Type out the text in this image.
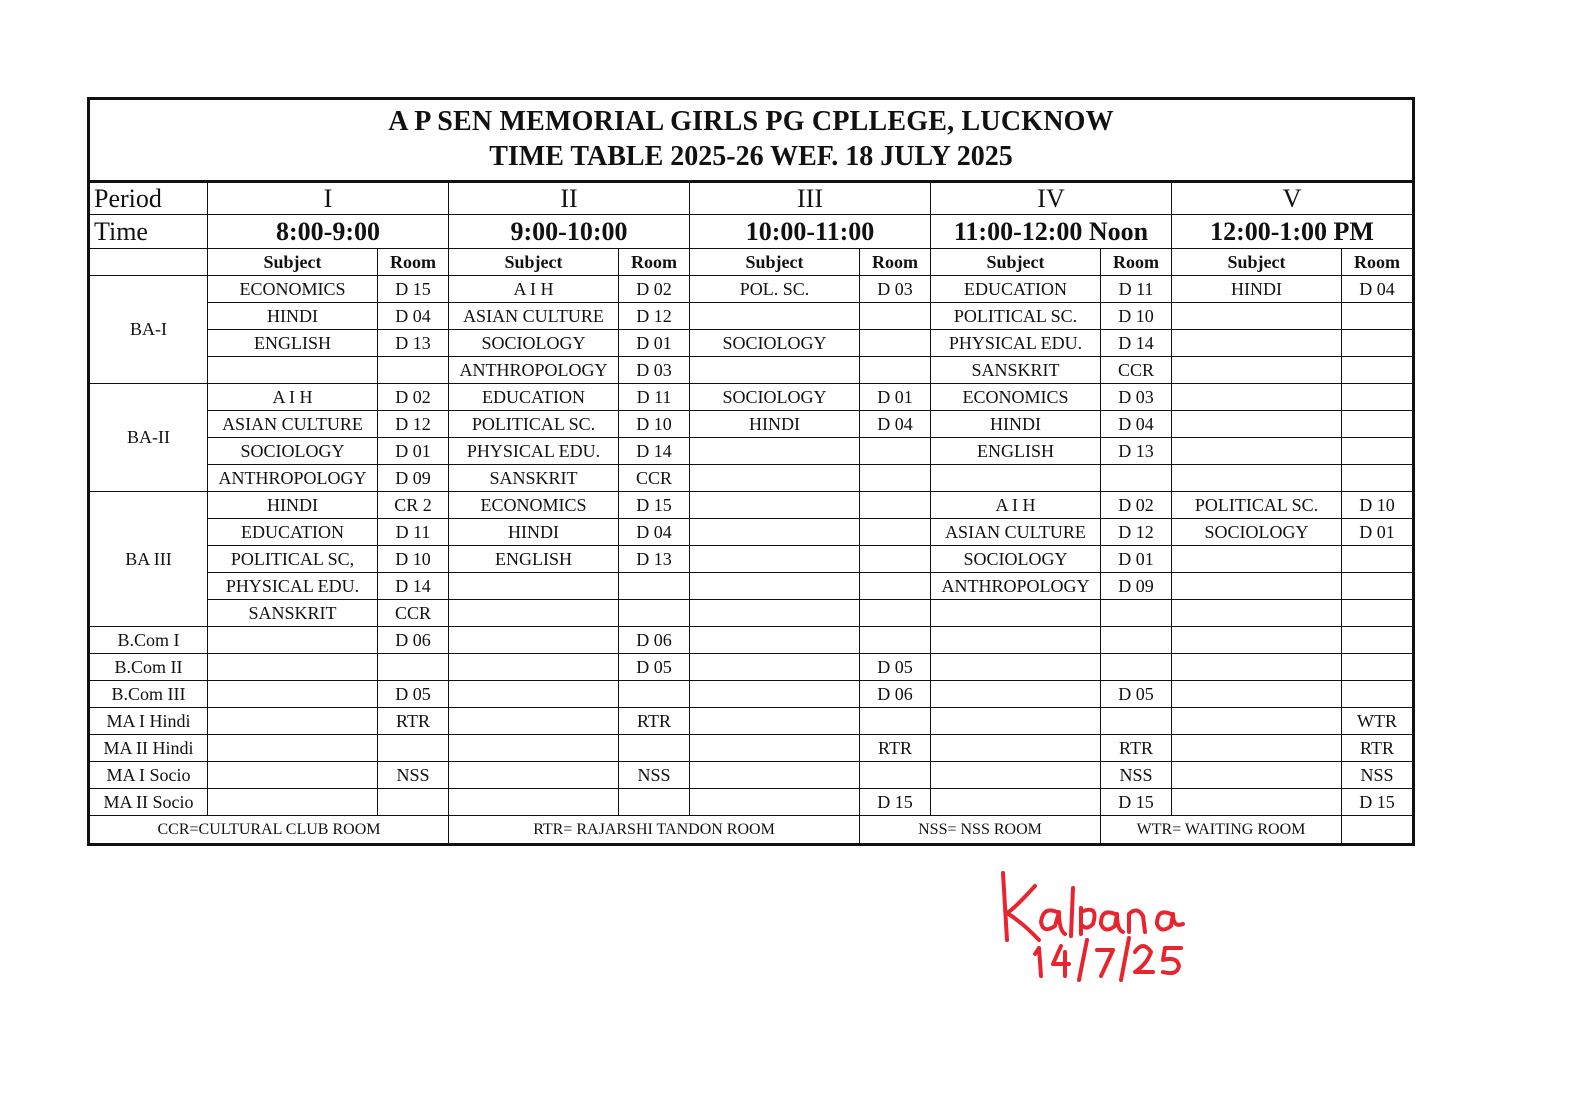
A P SEN MEMORIAL GIRLS PG CPLLEGE, LUCKNOW
TIME TABLE 2025-26 WEF. 18 JULY 2025										

Period	I		II		III		IV		V	
Time	8:00-9:00		9:00-10:00		10:00-11:00		11:00-12:00 Noon		12:00-1:00 PM	
	Subject	Room	Subject	Room	Subject	Room	Subject	Room	Subject	Room
BA-I	ECONOMICS	D 15	A I H	D 02	POL. SC.	D 03	EDUCATION	D 11	HINDI	D 04
	HINDI	D 04	ASIAN CULTURE	D 12			POLITICAL SC.	D 10		
	ENGLISH	D 13	SOCIOLOGY	D 01	SOCIOLOGY		PHYSICAL EDU.	D 14		
			ANTHROPOLOGY	D 03			SANSKRIT	CCR		
BA-II	A I H	D 02	EDUCATION	D 11	SOCIOLOGY	D 01	ECONOMICS	D 03		
	ASIAN CULTURE	D 12	POLITICAL SC.	D 10	HINDI	D 04	HINDI	D 04		
	SOCIOLOGY	D 01	PHYSICAL EDU.	D 14			ENGLISH	D 13		
	ANTHROPOLOGY	D 09	SANSKRIT	CCR						
BA III	HINDI	CR 2	ECONOMICS	D 15			A I H	D 02	POLITICAL SC.	D 10
	EDUCATION	D 11	HINDI	D 04			ASIAN CULTURE	D 12	SOCIOLOGY	D 01
	POLITICAL SC,	D 10	ENGLISH	D 13			SOCIOLOGY	D 01		
	PHYSICAL EDU.	D 14					ANTHROPOLOGY	D 09		
	SANSKRIT	CCR								
B.Com I		D 06		D 06						
B.Com II				D 05		D 05				
B.Com III		D 05				D 06		D 05		
MA I Hindi		RTR		RTR						WTR
MA II Hindi						RTR		RTR		RTR
MA I Socio		NSS		NSS				NSS		NSS
MA II Socio						D 15		D 15		D 15
CCR=CULTURAL CLUB ROOM			RTR= RAJARSHI TANDON ROOM			NSS= NSS ROOM		WTR= WAITING ROOM		
